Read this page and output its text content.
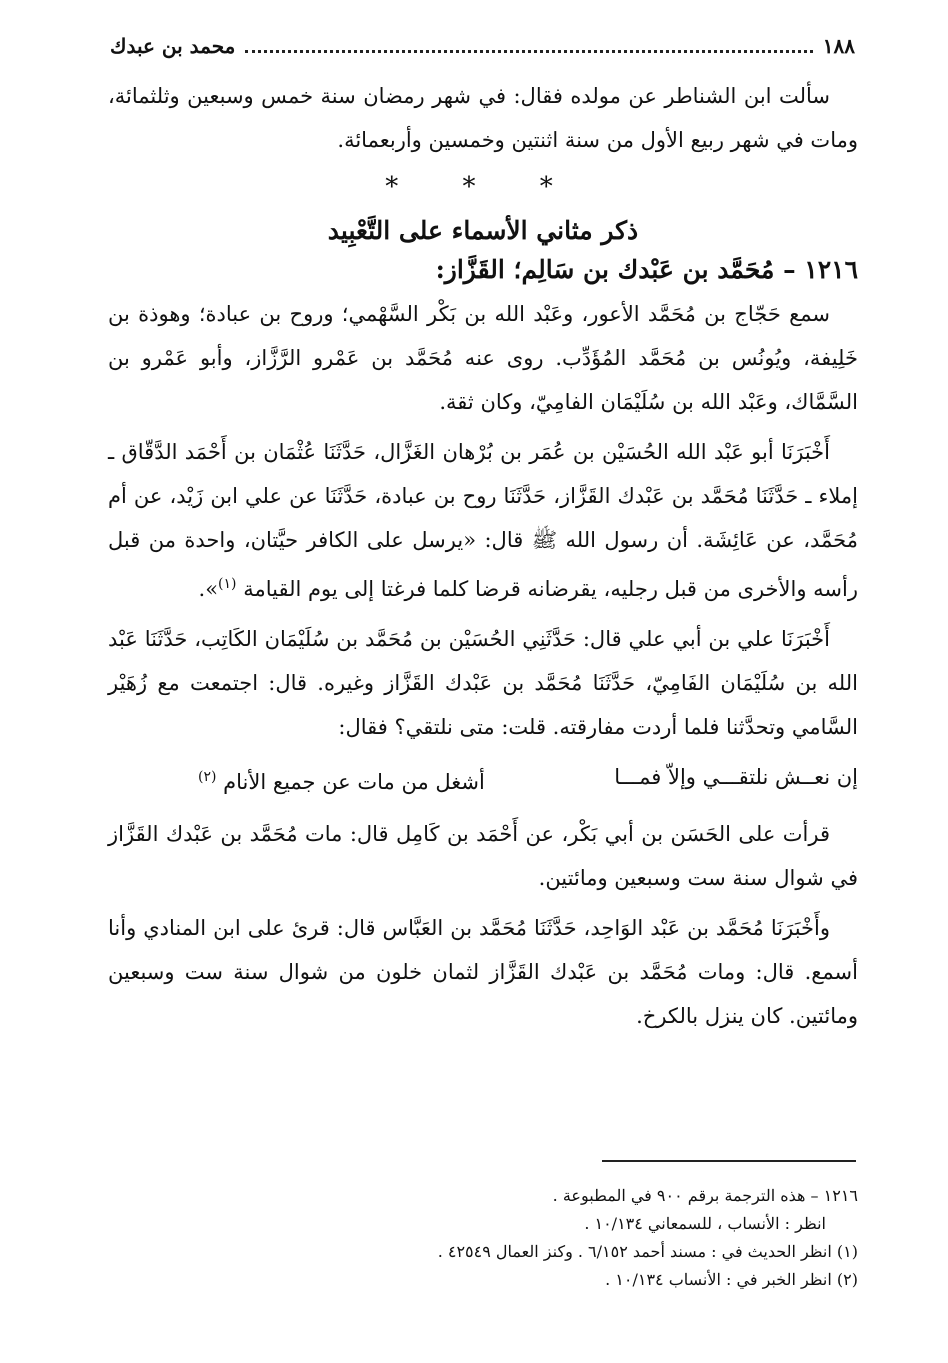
١٨٨
محمد بن عبدك

سألت ابن الشناطر عن مولده فقال: في شهر رمضان سنة خمس وسبعين وثلثمائة، ومات في شهر ربيع الأول من سنة اثنتين وخمسين وأربعمائة.

* * *
ذكر مثاني الأسماء على التَّعْبِيد
١٢١٦ – مُحَمَّد بن عَبْدك بن سَالِم؛ القَزَّاز:

سمع حَجّاج بن مُحَمَّد الأعور، وعَبْد الله بن بَكْر السَّهْمي؛ وروح بن عبادة؛ وهوذة بن خَلِيفة، ويُونُس بن مُحَمَّد المُؤَدِّب. روى عنه مُحَمَّد بن عَمْرو الرَّزَّاز، وأبو عَمْرو بن السَّمَّاك، وعَبْد الله بن سُلَيْمَان الفامِيّ، وكان ثقة.

أَخْبَرَنَا أبو عَبْد الله الحُسَيْن بن عُمَر بن بُرْهان الغَزَّال، حَدَّثَنَا عُثْمَان بن أَحْمَد الدَّقّاق ـ إملاء ـ حَدَّثَنَا مُحَمَّد بن عَبْدك القَزَّاز، حَدَّثَنَا روح بن عبادة، حَدَّثَنَا عن علي ابن زَيْد، عن أم مُحَمَّد، عن عَائِشَة. أن رسول الله ﷺ قال: «يرسل على الكافر حيَّتان، واحدة من قبل رأسه والأخرى من قبل رجليه، يقرضانه قرضا كلما فرغتا إلى يوم القيامة $^{(١)}$».

أَخْبَرَنَا علي بن أبي علي قال: حَدَّثَنِي الحُسَيْن بن مُحَمَّد بن سُلَيْمَان الكَاتِب، حَدَّثَنَا عَبْد الله بن سُلَيْمَان الفَامِيّ، حَدَّثَنَا مُحَمَّد بن عَبْدك القَزَّاز وغيره. قال: اجتمعت مع زُهَيْر السَّامي وتحدَّثنا فلما أردت مفارقته. قلت: متى نلتقي؟ فقال:

إن نعــش نلتقـــي وإلاّ فمـــا
أشغل من مات عن جميع الأنام $^{(٢)}$

قرأت على الحَسَن بن أبي بَكْر، عن أَحْمَد بن كَامِل قال: مات مُحَمَّد بن عَبْدك القَزَّاز في شوال سنة ست وسبعين ومائتين.

وأَخْبَرَنَا مُحَمَّد بن عَبْد الوَاحِد، حَدَّثَنَا مُحَمَّد بن العَبَّاس قال: قرئ على ابن المنادي وأنا أسمع. قال: ومات مُحَمَّد بن عَبْدك القَزَّاز لثمان خلون من شوال سنة ست وسبعين ومائتين. كان ينزل بالكرخ.

١٢١٦ – هذه الترجمة برقم ٩٠٠ في المطبوعة .
انظر : الأنساب ، للسمعاني ١٠/١٣٤ .
(١) انظر الحديث في : مسند أحمد ٦/١٥٢ . وكنز العمال ٤٢٥٤٩ .
(٢) انظر الخبر في : الأنساب ١٠/١٣٤ .
